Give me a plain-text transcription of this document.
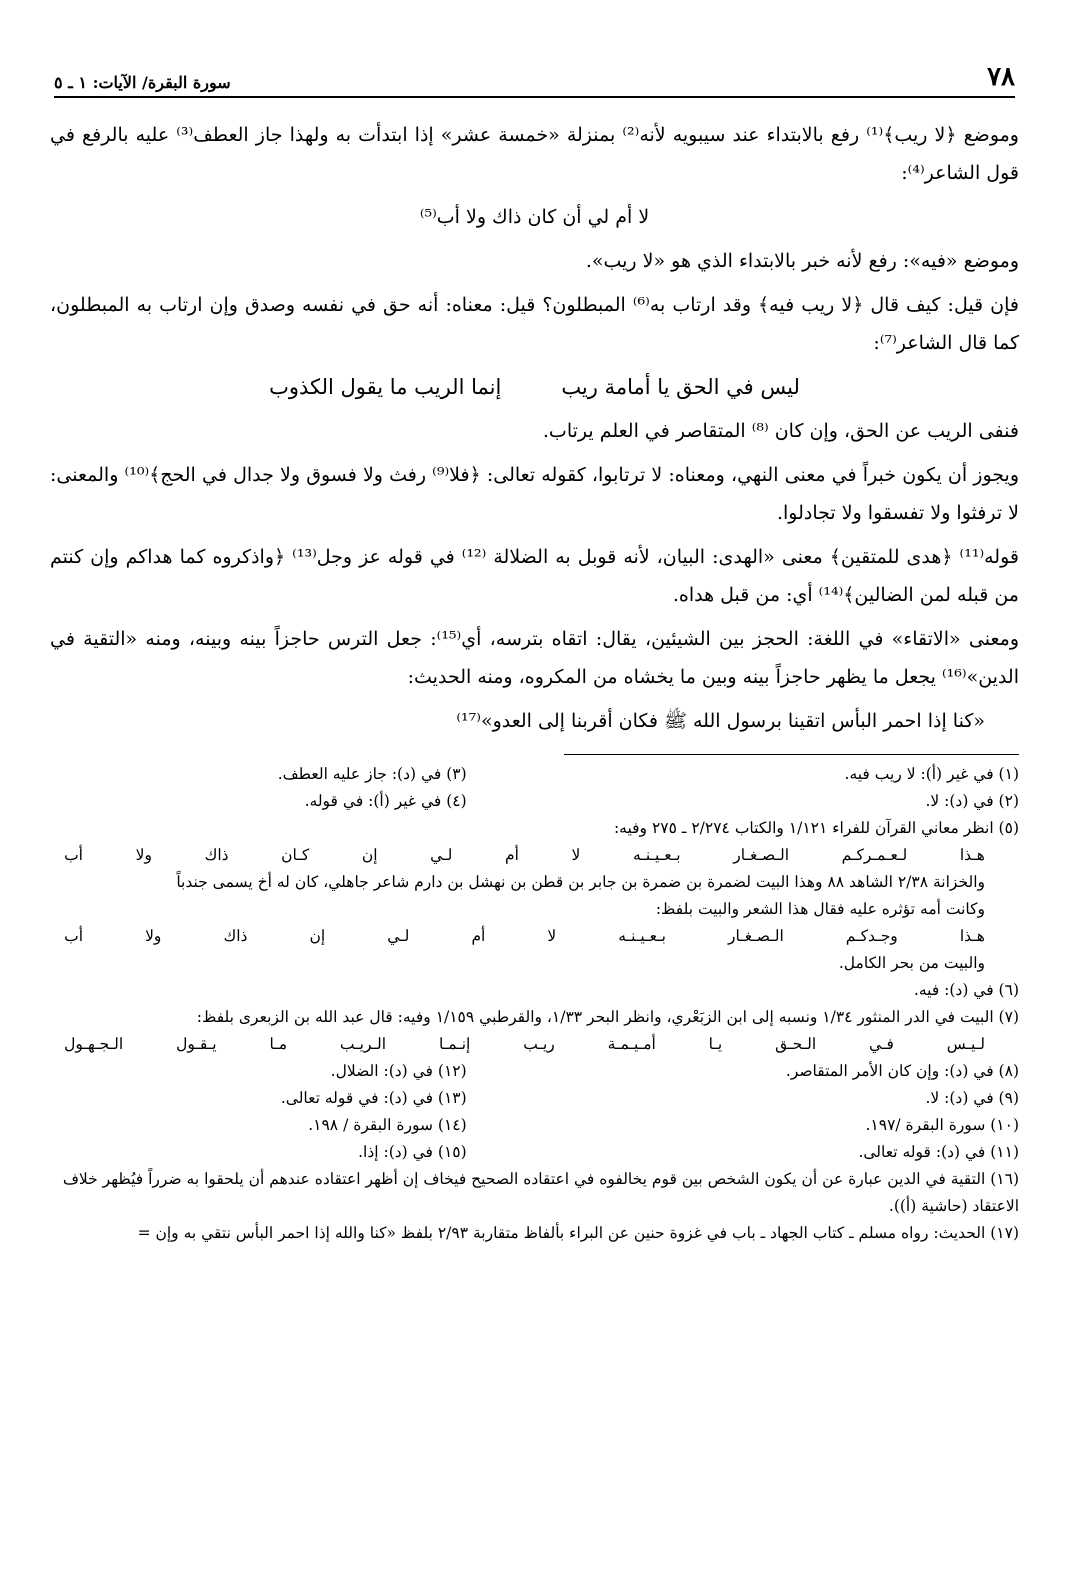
٧٨
سورة البقرة/ الآيات: ١ ـ ٥

وموضع ﴿لا ريب﴾⁽¹⁾ رفع بالابتداء عند سيبويه لأنه⁽²⁾ بمنزلة «خمسة عشر» إذا ابتدأت به ولهذا جاز العطف⁽³⁾ عليه بالرفع في قول الشاعر⁽⁴⁾:

لا أم لي أن كان ذاك ولا أب⁽⁵⁾

وموضع «فيه»: رفع لأنه خبر بالابتداء الذي هو «لا ريب».

فإن قيل: كيف قال ﴿لا ريب فيه﴾ وقد ارتاب به⁽⁶⁾ المبطلون؟ قيل: معناه: أنه حق في نفسه وصدق وإن ارتاب به المبطلون، كما قال الشاعر⁽⁷⁾:

ليس في الحق يا أمامة ريب
إنما الريب ما يقول الكذوب

فنفى الريب عن الحق، وإن كان ⁽⁸⁾ المتقاصر في العلم يرتاب.

ويجوز أن يكون خبراً في معنى النهي، ومعناه: لا ترتابوا، كقوله تعالى: ﴿فلا⁽⁹⁾ رفث ولا فسوق ولا جدال في الحج﴾⁽¹⁰⁾ والمعنى: لا ترفثوا ولا تفسقوا ولا تجادلوا.

قوله⁽¹¹⁾ ﴿هدى للمتقين﴾ معنى «الهدى: البيان، لأنه قوبل به الضلالة ⁽¹²⁾ في قوله عز وجل⁽¹³⁾ ﴿واذكروه كما هداكم وإن كنتم من قبله لمن الضالين﴾⁽¹⁴⁾ أي: من قبل هداه.

ومعنى «الاتقاء» في اللغة: الحجز بين الشيئين، يقال: اتقاه بترسه، أي⁽¹⁵⁾: جعل الترس حاجزاً بينه وبينه، ومنه «التقية في الدين»⁽¹⁶⁾ يجعل ما يظهر حاجزاً بينه وبين ما يخشاه من المكروه، ومنه الحديث:

«كنا إذا احمر البأس اتقينا برسول الله ﷺ فكان أقربنا إلى العدو»⁽¹⁷⁾

(١) في غير (أ): لا ريب فيه.

(٣) في (د): جاز عليه العطف.

(٢) في (د): لا.

(٤) في غير (أ): في قوله.

(٥) انظر معاني القرآن للفراء ١/١٢١ والكتاب ٢/٢٧٤ ـ ٢٧٥ وفيه:

هـذا
لـعـمـركـم
الـصـغـار
بـعـيـنـه
لا
أم
لـي
إن
كـان
ذاك
ولا
أب

والخزانة ٢/٣٨ الشاهد ٨٨ وهذا البيت لضمرة بن ضمرة بن جابر بن قطن بن نهشل بن دارم شاعر جاهلي، كان له أخ يسمى جندباً

وكانت أمه تؤثره عليه فقال هذا الشعر والبيت بلفظ:

هـذا
وجـدكـم
الـصـغـار
بـعـيـنـه
لا
أم
لـي
إن
ذاك
ولا
أب

والبيت من بحر الكامل.

(٦) في (د): فيه.

(٧) البيت في الدر المنثور ١/٣٤ ونسبه إلى ابن الزبَعْري، وانظر البحر ١/٣٣، والقرطبي ١/١٥٩ وفيه: قال عبد الله بن الزبعرى بلفظ:

لـيـس
فـي
الـحـق
يـا
أمـيـمـة
ريـب
إنـمـا
الـريـب
مـا
يـقـول
الـجـهـول

(٨) في (د): وإن كان الأمر المتقاصر.

(١٢) في (د): الضلال.

(٩) في (د): لا.

(١٣) في (د): في قوله تعالى.

(١٠) سورة البقرة /١٩٧.

(١٤) سورة البقرة / ١٩٨.

(١١) في (د): قوله تعالى.

(١٥) في (د): إذا.

(١٦) التقية في الدين عبارة عن أن يكون الشخص بين قوم يخالفوه في اعتقاده الصحيح فيخاف إن أظهر اعتقاده عندهم أن يلحقوا به ضرراً فيُظهر خلاف الاعتقاد (حاشية (أ)).

(١٧) الحديث: رواه مسلم ـ كتاب الجهاد ـ باب في غزوة حنين عن البراء بألفاظ متقاربة ٢/٩٣ بلفظ «كنا والله إذا احمر البأس نتقي به وإن =
